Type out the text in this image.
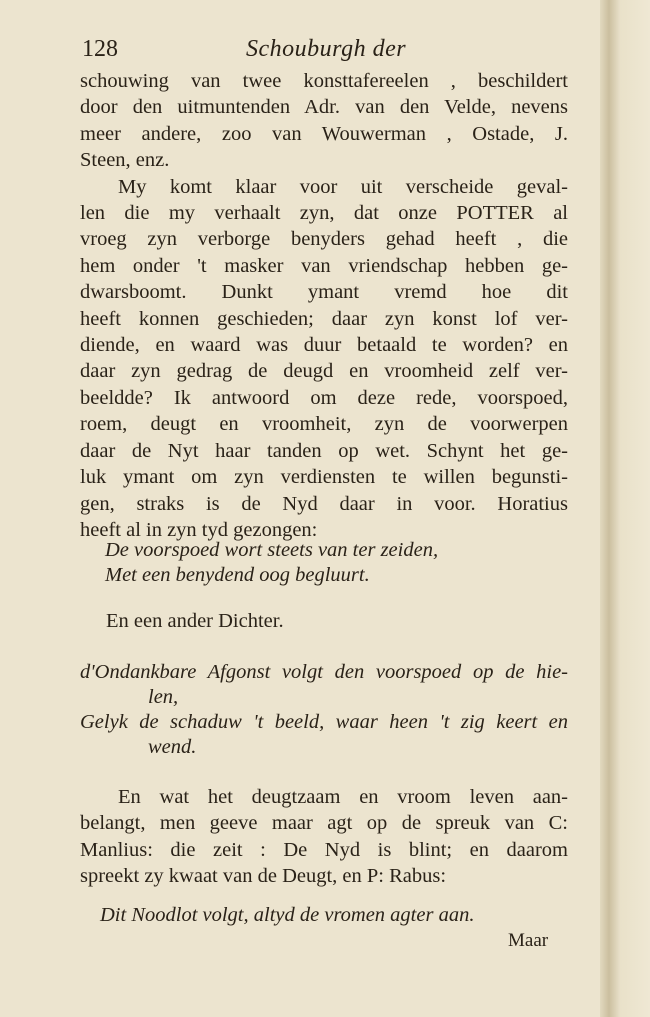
128	Schouburgh der
schouwing van twee konsttafereelen , beschildert
door den uitmuntenden Adr. van den Velde, nevens
meer andere, zoo van Wouwerman , Ostade, J.
Steen, enz.
My komt klaar voor uit verscheide geval-
len die my verhaalt zyn, dat onze POTTER al
vroeg zyn verborge benyders gehad heeft , die
hem onder 't masker van vriendschap hebben ge-
dwarsboomt. Dunkt ymant vremd hoe dit
heeft konnen geschieden; daar zyn konst lof ver-
diende, en waard was duur betaald te worden? en
daar zyn gedrag de deugd en vroomheid zelf ver-
beeldde? Ik antwoord om deze rede, voorspoed,
roem, deugt en vroomheit, zyn de voorwerpen
daar de Nyt haar tanden op wet. Schynt het ge-
luk ymant om zyn verdiensten te willen begunsti-
gen, straks is de Nyd daar in voor. Horatius
heeft al in zyn tyd gezongen:
De voorspoed wort steets van ter zeiden,
Met een benydend oog begluurt.
En een ander Dichter.
d'Ondankbare Afgonst volgt den voorspoed op de hie-
len,
Gelyk de schaduw 't beeld, waar heen 't zig keert en
wend.
En wat het deugtzaam en vroom leven aan-
belangt, men geeve maar agt op de spreuk van C:
Manlius: die zeit : De Nyd is blint; en daarom
spreekt zy kwaat van de Deugt, en P: Rabus:
Dit Noodlot volgt, altyd de vromen agter aan.
Maar
